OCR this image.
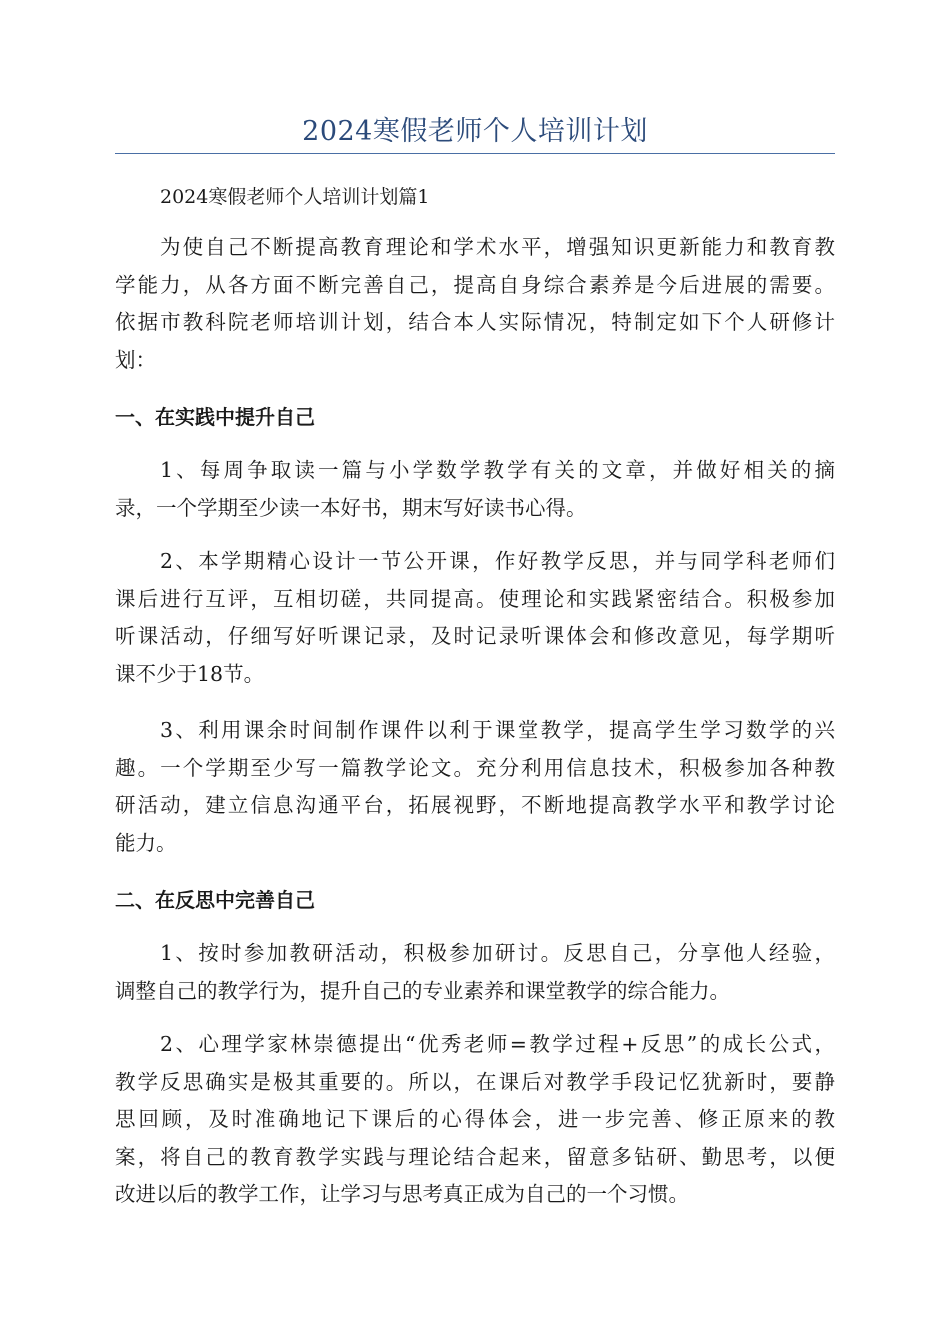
2024寒假老师个人培训计划
2024寒假老师个人培训计划篇1
为使自己不断提高教育理论和学术水平，增强知识更新能力和教育教
学能力，从各方面不断完善自己，提高自身综合素养是今后进展的需要。
依据市教科院老师培训计划，结合本人实际情况，特制定如下个人研修计
划：
一、在实践中提升自己
1、每周争取读一篇与小学数学教学有关的文章，并做好相关的摘
录，一个学期至少读一本好书，期末写好读书心得。
2、本学期精心设计一节公开课，作好教学反思，并与同学科老师们
课后进行互评，互相切磋，共同提高。使理论和实践紧密结合。积极参加
听课活动，仔细写好听课记录，及时记录听课体会和修改意见，每学期听
课不少于18节。
3、利用课余时间制作课件以利于课堂教学，提高学生学习数学的兴
趣。一个学期至少写一篇教学论文。充分利用信息技术，积极参加各种教
研活动，建立信息沟通平台，拓展视野，不断地提高教学水平和教学讨论
能力。
二、在反思中完善自己
1、按时参加教研活动，积极参加研讨。反思自己，分享他人经验，
调整自己的教学行为，提升自己的专业素养和课堂教学的综合能力。
2、心理学家林崇德提出“优秀老师=教学过程+反思”的成长公式，
教学反思确实是极其重要的。所以，在课后对教学手段记忆犹新时，要静
思回顾，及时准确地记下课后的心得体会，进一步完善、修正原来的教
案，将自己的教育教学实践与理论结合起来，留意多钻研、勤思考，以便
改进以后的教学工作，让学习与思考真正成为自己的一个习惯。
